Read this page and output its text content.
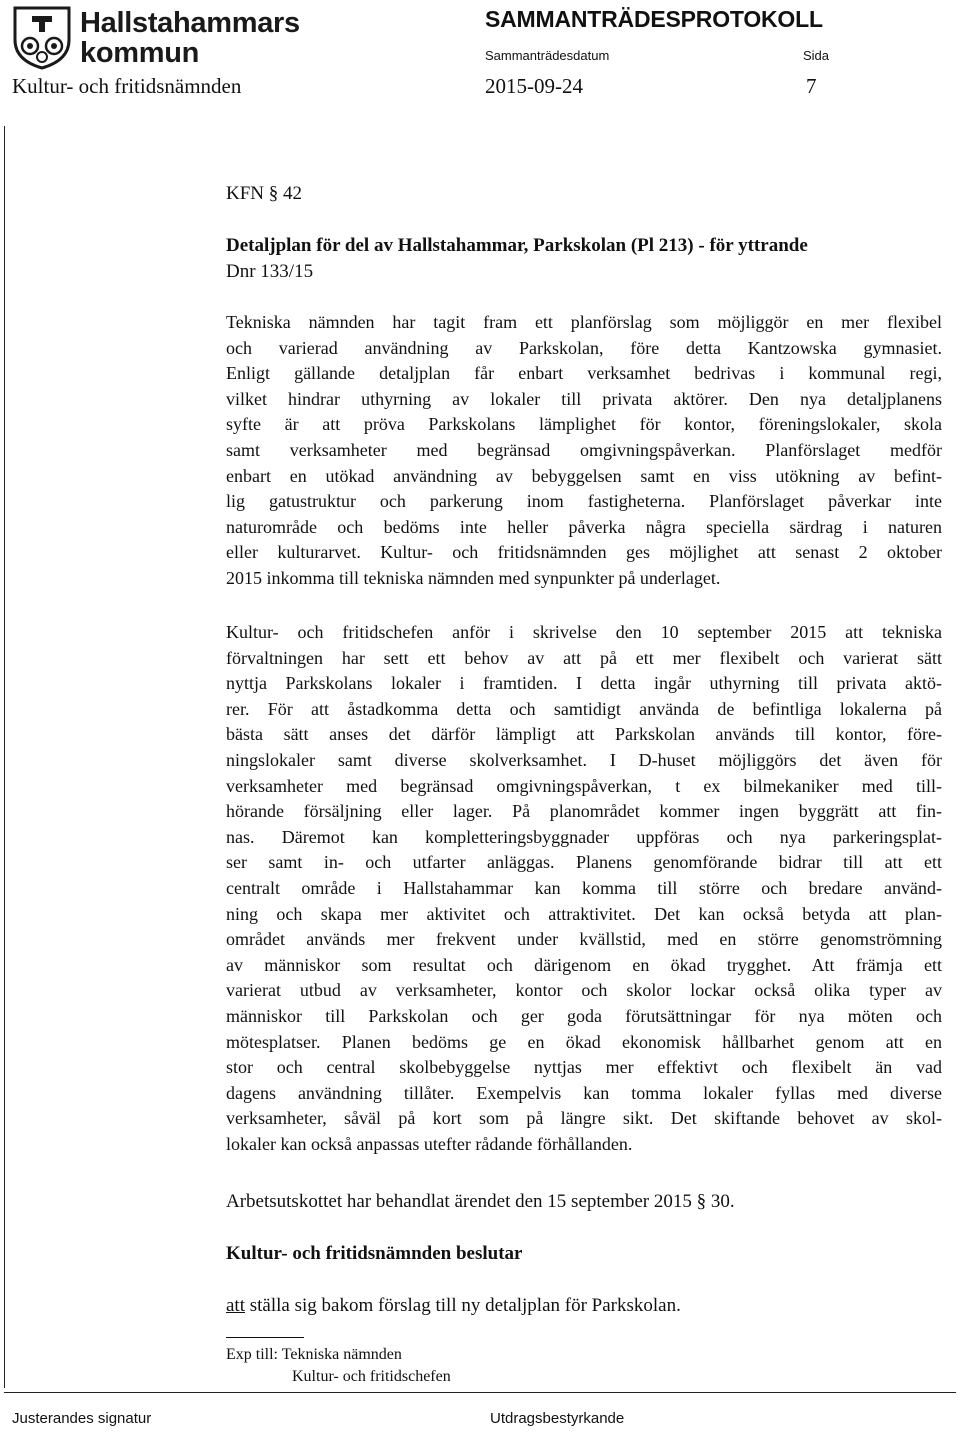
Hallstahammars
kommun
SAMMANTRÄDESPROTOKOLL
Sammanträdesdatum	Sida
Kultur- och fritidsnämnden	2015-09-24	7
KFN § 42
Detaljplan för del av Hallstahammar, Parkskolan (Pl 213) - för yttrande
Dnr 133/15
Tekniska nämnden har tagit fram ett planförslag som möjliggör en mer flexibel
och varierad användning av Parkskolan, före detta Kantzowska gymnasiet.
Enligt gällande detaljplan får enbart verksamhet bedrivas i kommunal regi,
vilket hindrar uthyrning av lokaler till privata aktörer. Den nya detaljplanens
syfte är att pröva Parkskolans lämplighet för kontor, föreningslokaler, skola
samt verksamheter med begränsad omgivningspåverkan. Planförslaget medför
enbart en utökad användning av bebyggelsen samt en viss utökning av befint-
lig gatustruktur och parkerung inom fastigheterna. Planförslaget påverkar inte
naturområde och bedöms inte heller påverka några speciella särdrag i naturen
eller kulturarvet. Kultur- och fritidsnämnden ges möjlighet att senast 2 oktober
2015 inkomma till tekniska nämnden med synpunkter på underlaget.
Kultur- och fritidschefen anför i skrivelse den 10 september 2015 att tekniska
förvaltningen har sett ett behov av att på ett mer flexibelt och varierat sätt
nyttja Parkskolans lokaler i framtiden. I detta ingår uthyrning till privata aktö-
rer. För att åstadkomma detta och samtidigt använda de befintliga lokalerna på
bästa sätt anses det därför lämpligt att Parkskolan används till kontor, före-
ningslokaler samt diverse skolverksamhet. I D-huset möjliggörs det även för
verksamheter med begränsad omgivningspåverkan, t ex bilmekaniker med till-
hörande försäljning eller lager. På planområdet kommer ingen byggrätt att fin-
nas. Däremot kan kompletteringsbyggnader uppföras och nya parkeringsplat-
ser samt in- och utfarter anläggas. Planens genomförande bidrar till att ett
centralt område i Hallstahammar kan komma till större och bredare använd-
ning och skapa mer aktivitet och attraktivitet. Det kan också betyda att plan-
området används mer frekvent under kvällstid, med en större genomströmning
av människor som resultat och därigenom en ökad trygghet. Att främja ett
varierat utbud av verksamheter, kontor och skolor lockar också olika typer av
människor till Parkskolan och ger goda förutsättningar för nya möten och
mötesplatser. Planen bedöms ge en ökad ekonomisk hållbarhet genom att en
stor och central skolbebyggelse nyttjas mer effektivt och flexibelt än vad
dagens användning tillåter. Exempelvis kan tomma lokaler fyllas med diverse
verksamheter, såväl på kort som på längre sikt. Det skiftande behovet av skol-
lokaler kan också anpassas utefter rådande förhållanden.
Arbetsutskottet har behandlat ärendet den 15 september 2015 § 30.
Kultur- och fritidsnämnden beslutar
att ställa sig bakom förslag till ny detaljplan för Parkskolan.
Exp till: Tekniska nämnden
Kultur- och fritidschefen
Justerandes signatur	Utdragsbestyrkande
